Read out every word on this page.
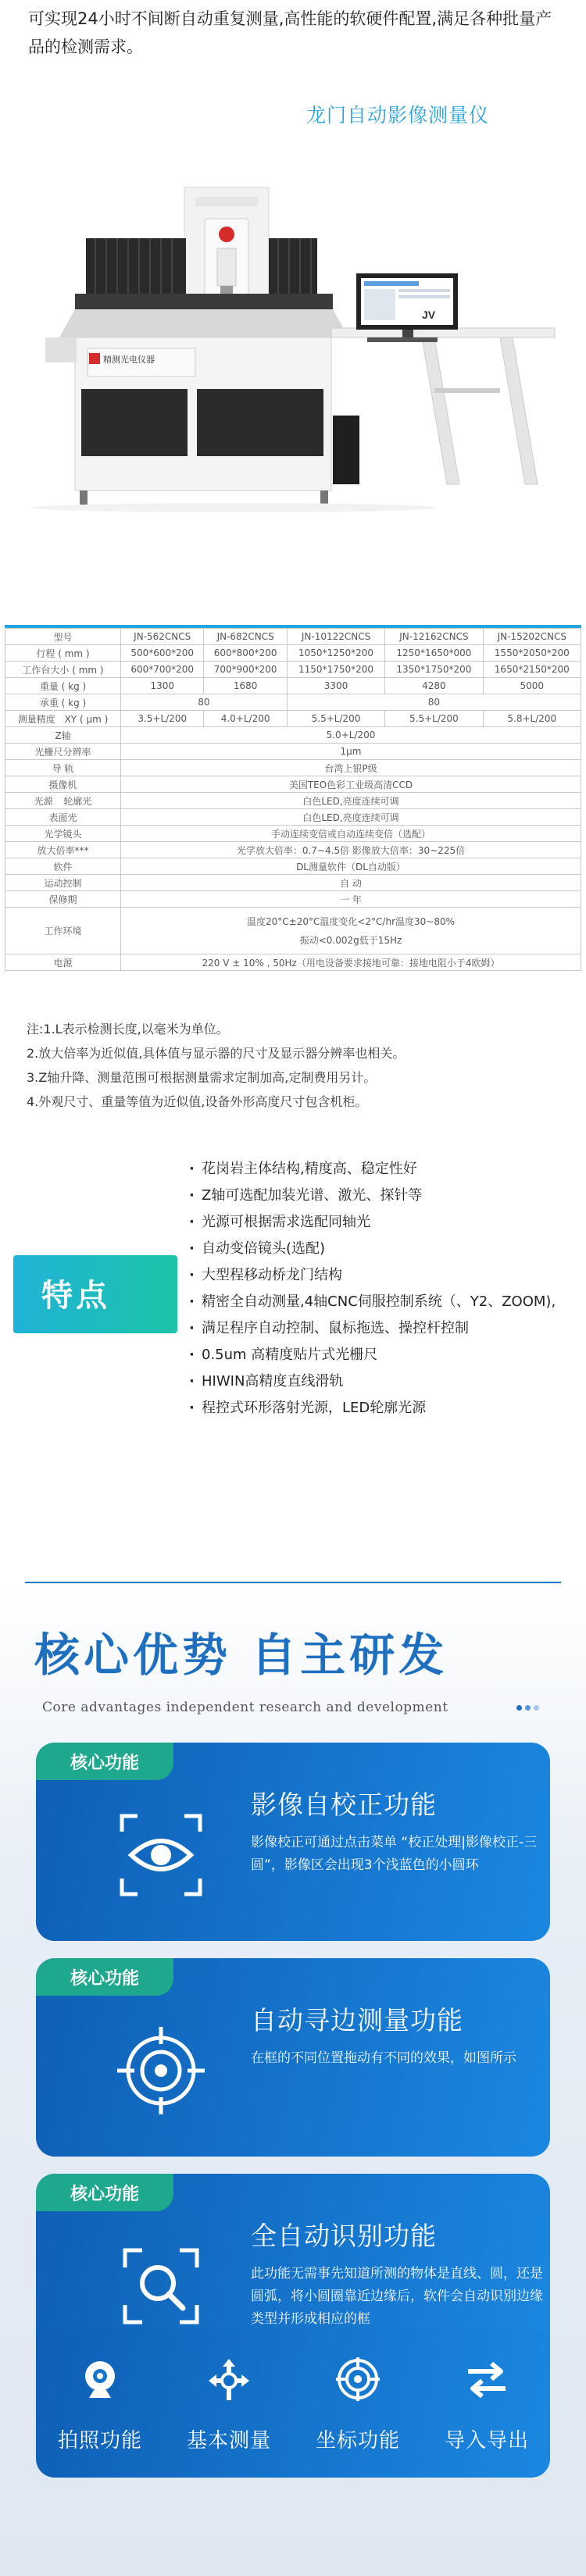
可实现24小时不间断自动重复测量,高性能的软硬件配置,满足各种批量产品的检测需求。

龙门自动影像测量仪
精测光电仪器
JV
型号	JN-562CNCS	JN-682CNCS	JN-10122CNCS	JN-12162CNCS	JN-15202CNCS
行程 ( mm )	500*600*200	600*800*200	1050*1250*200	1250*1650*000	1550*2050*200
工作台大小 ( mm )	600*700*200	700*900*200	1150*1750*200	1350*1750*200	1650*2150*200
重量 ( kg )	1300	1680	3300	4280	5000
承重 ( kg )	80		80		
测量精度 XY ( μm )	3.5+L/200	4.0+L/200	5.5+L/200	5.5+L/200	5.8+L/200
Z轴	5.0+L/200				
光栅尺分辨率	1μm				
导 轨	台湾上银P级				
摄像机	美国TEO色彩工业级高清CCD				
光源 轮廓光	白色LED,亮度连续可调				
表面光	白色LED,亮度连续可调				
光学镜头	手动连续变倍或自动连续变倍（选配）				
放大倍率***	光学放大倍率：0.7~4.5倍 影像放大倍率：30~225倍				
软件	DL测量软件（DL自动版）				
运动控制	自 动				
保修期	一 年				
工作环境	温度20°C±20°C温度变化<2°C/hr温度30~80%
振动<0.002g低于15Hz				

电源	220 V ± 10% , 50Hz（用电设备要求接地可靠：接地电阻小于4欧姆）				
注:1.L表示检测长度,以毫米为单位。
2.放大倍率为近似值,具体值与显示器的尺寸及显示器分辨率也相关。
3.Z轴升降、测量范围可根据测量需求定制加高,定制费用另计。
4.外观尺寸、重量等值为近似值,设备外形高度尺寸包含机柜。
特点
· 花岗岩主体结构,精度高、稳定性好
· Z轴可选配加装光谱、激光、探针等
· 光源可根据需求选配同轴光
· 自动变倍镜头(选配)
· 大型程移动桥龙门结构
· 精密全自动测量,4轴CNC伺服控制系统（、Y2、ZOOM),
· 满足程序自动控制、鼠标拖选、操控杆控制
· 0.5um 高精度贴片式光栅尺
· HIWIN高精度直线滑轨
· 程控式环形落射光源，LED轮廓光源
核心优势 自主研发
Core advantages independent research and development
核心功能
影像自校正功能
影像校正可通过点击菜单 “校正处理|影像校正-三圆”，影像区会出现3个浅蓝色的小圆环
核心功能
自动寻边测量功能
在框的不同位置拖动有不同的效果，如图所示
核心功能
全自动识别功能
此功能无需事先知道所测的物体是直线、圆，还是圆弧，将小圆圈靠近边缘后，软件会自动识别边缘类型并形成相应的框
拍照功能	基本测量	坐标功能	导入导出
